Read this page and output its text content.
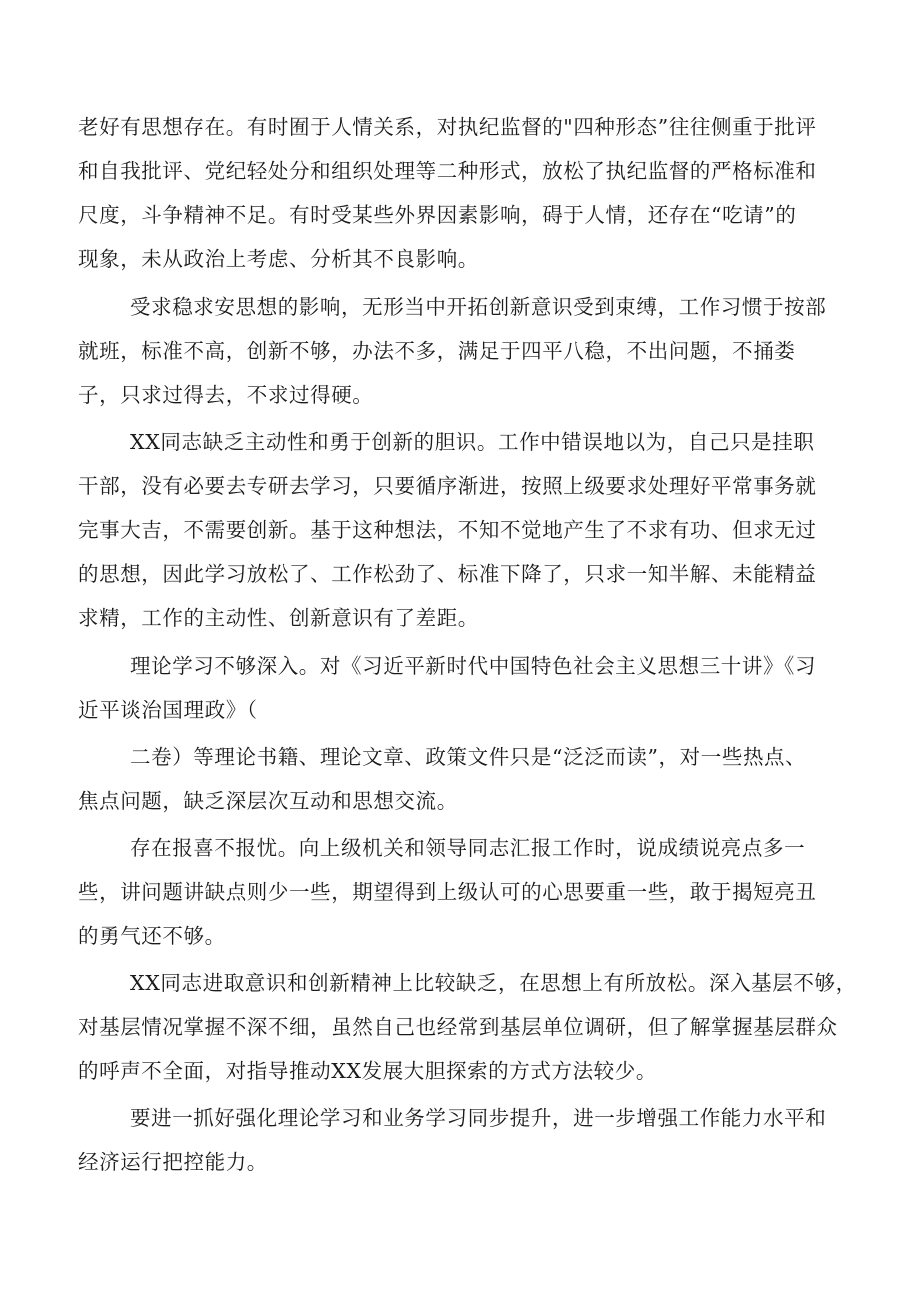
老好有思想存在。有时囿于人情关系，对执纪监督的"四种形态”往往侧重于批评

和自我批评、党纪轻处分和组织处理等二种形式，放松了执纪监督的严格标准和

尺度，斗争精神不足。有时受某些外界因素影响，碍于人情，还存在“吃请”的

现象，未从政治上考虑、分析其不良影响。

受求稳求安思想的影响，无形当中开拓创新意识受到束缚，工作习惯于按部

就班，标准不高，创新不够，办法不多，满足于四平八稳，不出问题，不捅娄

子，只求过得去，不求过得硬。

XX同志缺乏主动性和勇于创新的胆识。工作中错误地以为，自己只是挂职

干部，没有必要去专研去学习，只要循序渐进，按照上级要求处理好平常事务就

完事大吉，不需要创新。基于这种想法，不知不觉地产生了不求有功、但求无过

的思想，因此学习放松了、工作松劲了、标准下降了，只求一知半解、未能精益

求精，工作的主动性、创新意识有了差距。

理论学习不够深入。对《习近平新时代中国特色社会主义思想三十讲》《习

近平谈治国理政》（

二卷）等理论书籍、理论文章、政策文件只是“泛泛而读”，对一些热点、

焦点问题，缺乏深层次互动和思想交流。

存在报喜不报忧。向上级机关和领导同志汇报工作时，说成绩说亮点多一

些，讲问题讲缺点则少一些，期望得到上级认可的心思要重一些，敢于揭短亮丑

的勇气还不够。

XX同志进取意识和创新精神上比较缺乏，在思想上有所放松。深入基层不够，

对基层情况掌握不深不细，虽然自己也经常到基层单位调研，但了解掌握基层群众

的呼声不全面，对指导推动XX发展大胆探索的方式方法较少。

要进一抓好强化理论学习和业务学习同步提升，进一步增强工作能力水平和

经济运行把控能力。
